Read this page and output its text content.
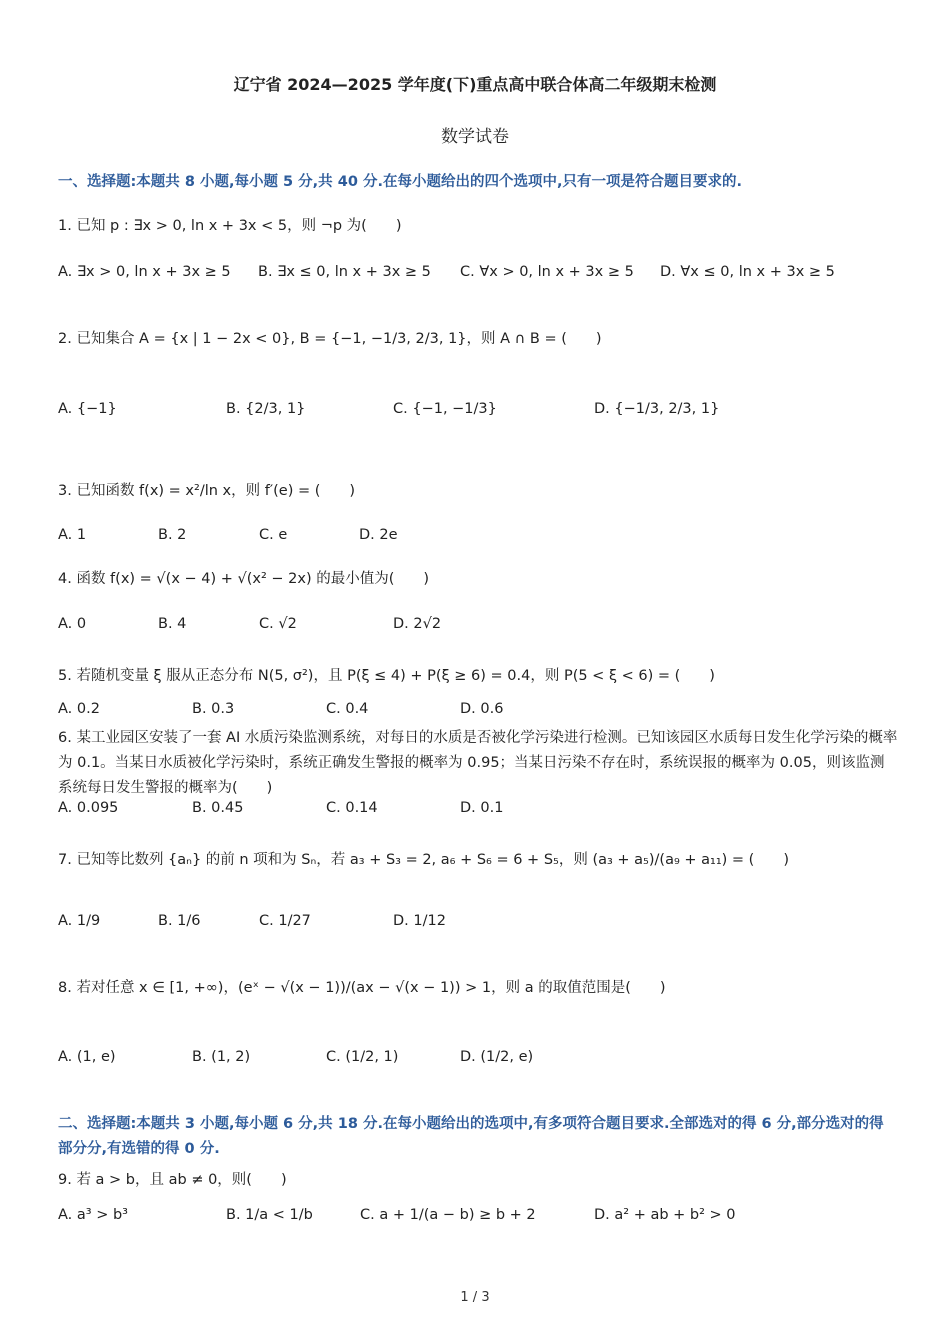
辽宁省 2024—2025 学年度(下)重点高中联合体高二年级期末检测
数学试卷
一、选择题:本题共 8 小题,每小题 5 分,共 40 分.在每小题给出的四个选项中,只有一项是符合题目要求的.
1. 已知 p : ∃x > 0, ln x + 3x < 5，则 ¬p 为(　　)
A. ∃x > 0, ln x + 3x ≥ 5 B. ∃x ≤ 0, ln x + 3x ≥ 5 C. ∀x > 0, ln x + 3x ≥ 5 D. ∀x ≤ 0, ln x + 3x ≥ 5
2. 已知集合 A = {x | 1 − 2x < 0}, B = {−1, −1/3, 2/3, 1}，则 A ∩ B = (　　)
A. {−1}	B. {2/3, 1}	C. {−1, −1/3}	D. {−1/3, 2/3, 1}
3. 已知函数 f(x) = x²/ln x，则 f′(e) = (　　)
A. 1	B. 2	C. e	D. 2e
4. 函数 f(x) = √(x − 4) + √(x² − 2x) 的最小值为(　　)
A. 0	B. 4	C. √2	D. 2√2
5. 若随机变量 ξ 服从正态分布 N(5, σ²)，且 P(ξ ≤ 4) + P(ξ ≥ 6) = 0.4，则 P(5 < ξ < 6) = (　　)
A. 0.2	B. 0.3	C. 0.4	D. 0.6
6. 某工业园区安装了一套 AI 水质污染监测系统，对每日的水质是否被化学污染进行检测。已知该园区水质每日发生化学污染的概率为 0.1。当某日水质被化学污染时，系统正确发生警报的概率为 0.95；当某日污染不存在时，系统误报的概率为 0.05，则该监测系统每日发生警报的概率为(　　)
A. 0.095	B. 0.45	C. 0.14	D. 0.1
7. 已知等比数列 {aₙ} 的前 n 项和为 Sₙ，若 a₃ + S₃ = 2, a₆ + S₆ = 6 + S₅，则 (a₃ + a₅)/(a₉ + a₁₁) = (　　)
A. 1/9	B. 1/6	C. 1/27	D. 1/12
8. 若对任意 x ∈ [1, +∞)，(eˣ − √(x − 1))/(ax − √(x − 1)) > 1，则 a 的取值范围是(　　)
A. (1, e)	B. (1, 2)	C. (1/2, 1)	D. (1/2, e)
二、选择题:本题共 3 小题,每小题 6 分,共 18 分.在每小题给出的选项中,有多项符合题目要求.全部选对的得 6 分,部分选对的得部分分,有选错的得 0 分.
9. 若 a > b，且 ab ≠ 0，则(　　)
A. a³ > b³	B. 1/a < 1/b	C. a + 1/(a − b) ≥ b + 2	D. a² + ab + b² > 0
1 / 3
